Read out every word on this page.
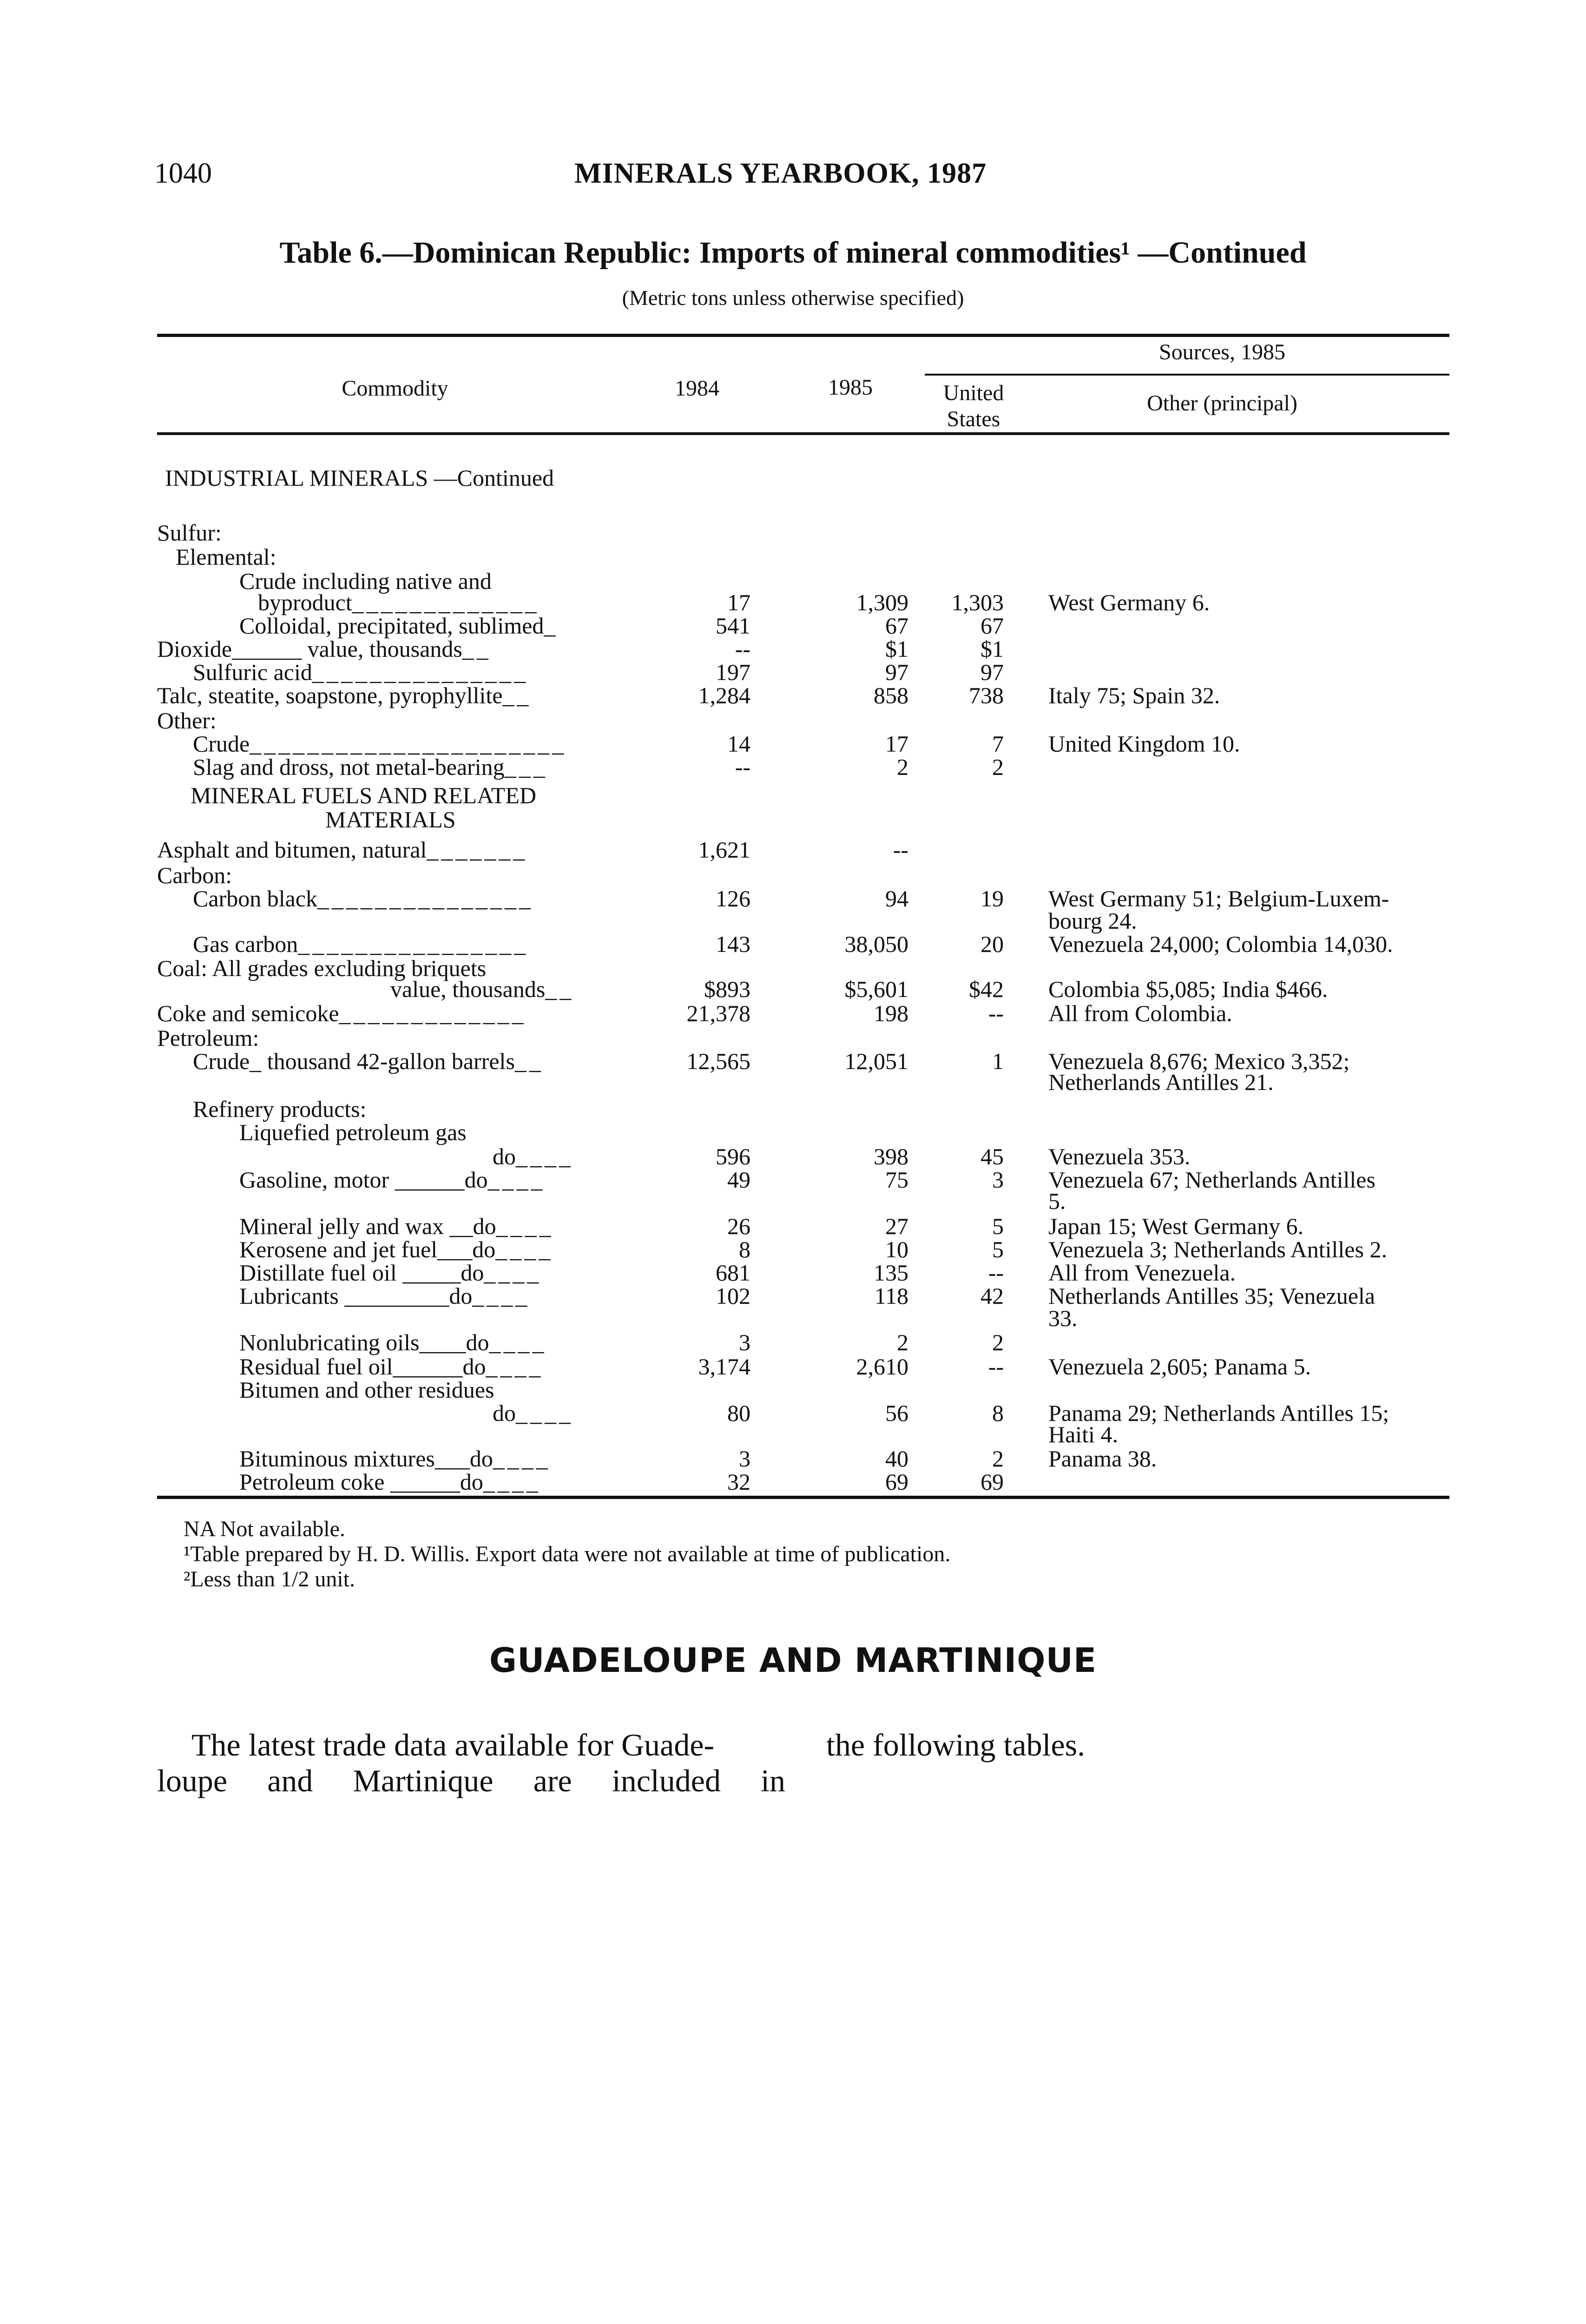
1040	MINERALS YEARBOOK, 1987
Table 6.—Dominican Republic: Imports of mineral commodities¹ —Continued
(Metric tons unless otherwise specified)
Sources, 1985
Commodity	1984	1985	United States
Other (principal)
INDUSTRIAL MINERALS —Continued
Sulfur:
Elemental:
Crude including native and
byproduct_____________	17	1,309	1,303 West Germany 6.
Colloidal, precipitated, sublimed_	541	67	67
Dioxide______ value, thousands__	--	$1	$1
Sulfuric acid_______________	197	97	97
Talc, steatite, soapstone, pyrophyllite__	1,284	858	738 Italy 75; Spain 32.
Other:
Crude______________________	14	17	7 United Kingdom 10.
Slag and dross, not metal-bearing___	--	2	2
MINERAL FUELS AND RELATED
MATERIALS
Asphalt and bitumen, natural_______	1,621	--
Carbon:
Carbon black_______________	126	94	19 West Germany 51; Belgium-Luxem-
bourg 24.
Gas carbon________________	143	38,050	20 Venezuela 24,000; Colombia 14,030.
Coal: All grades excluding briquets
value, thousands__	$893	$5,601	$42 Colombia $5,085; India $466.
Coke and semicoke_____________	21,378	198	-- All from Colombia.
Petroleum:
Crude_ thousand 42-gallon barrels__	12,565	12,051	1 Venezuela 8,676; Mexico 3,352;
Netherlands Antilles 21.
Refinery products:
Liquefied petroleum gas
do____	596	398	45 Venezuela 353.
Gasoline, motor ______do____	49	75	3 Venezuela 67; Netherlands Antilles
5.
Mineral jelly and wax __do____	26	27	5 Japan 15; West Germany 6.
Kerosene and jet fuel___do____	8	10	5 Venezuela 3; Netherlands Antilles 2.
Distillate fuel oil _____do____	681	135	-- All from Venezuela.
Lubricants _________do____	102	118	42 Netherlands Antilles 35; Venezuela
33.
Nonlubricating oils____do____	3	2	2
Residual fuel oil______do____	3,174	2,610	-- Venezuela 2,605; Panama 5.
Bitumen and other residues
do____	80	56	8 Panama 29; Netherlands Antilles 15;
Haiti 4.
Bituminous mixtures___do____	3	40	2 Panama 38.
Petroleum coke ______do____	32	69	69
NA Not available.
¹Table prepared by H. D. Willis. Export data were not available at time of publication.
²Less than 1/2 unit.
GUADELOUPE AND MARTINIQUE
The latest trade data available for Guade-
loupe and Martinique are included in
the following tables.
